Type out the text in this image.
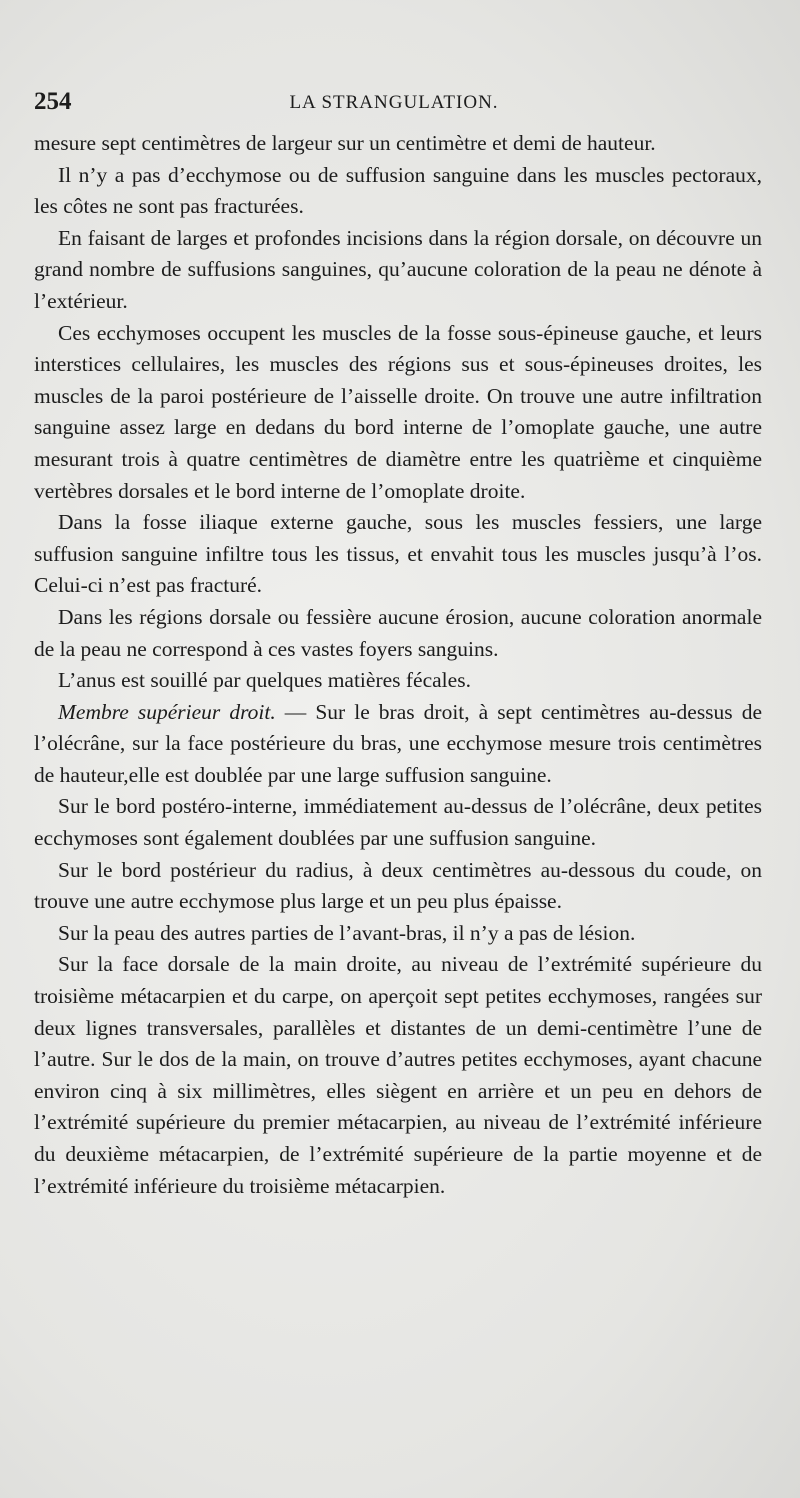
254	LA STRANGULATION.

mesure sept centimètres de largeur sur un centimètre et demi de hauteur.

Il n’y a pas d’ecchymose ou de suffusion sanguine dans les muscles pectoraux, les côtes ne sont pas fracturées.

En faisant de larges et profondes incisions dans la région dorsale, on découvre un grand nombre de suffusions sanguines, qu’aucune coloration de la peau ne dénote à l’extérieur.

Ces ecchymoses occupent les muscles de la fosse sous-épineuse gauche, et leurs interstices cellulaires, les muscles des régions sus et sous-épineuses droites, les muscles de la paroi postérieure de l’aisselle droite. On trouve une autre infiltration sanguine assez large en dedans du bord interne de l’omoplate gauche, une autre mesurant trois à quatre centimètres de diamètre entre les quatrième et cinquième vertèbres dorsales et le bord interne de l’omoplate droite.

Dans la fosse iliaque externe gauche, sous les muscles fessiers, une large suffusion sanguine infiltre tous les tissus, et envahit tous les muscles jusqu’à l’os. Celui-ci n’est pas fracturé.

Dans les régions dorsale ou fessière aucune érosion, aucune coloration anormale de la peau ne correspond à ces vastes foyers sanguins.

L’anus est souillé par quelques matières fécales.

Membre supérieur droit. — Sur le bras droit, à sept centimètres au-dessus de l’olécrâne, sur la face postérieure du bras, une ecchymose mesure trois centimètres de hauteur,elle est doublée par une large suffusion sanguine.

Sur le bord postéro-interne, immédiatement au-dessus de l’olécrâne, deux petites ecchymoses sont également doublées par une suffusion sanguine.

Sur le bord postérieur du radius, à deux centimètres au-dessous du coude, on trouve une autre ecchymose plus large et un peu plus épaisse.

Sur la peau des autres parties de l’avant-bras, il n’y a pas de lésion.

Sur la face dorsale de la main droite, au niveau de l’extrémité supérieure du troisième métacarpien et du carpe, on aperçoit sept petites ecchymoses, rangées sur deux lignes transversales, parallèles et distantes de un demi-centimètre l’une de l’autre. Sur le dos de la main, on trouve d’autres petites ecchymoses, ayant chacune environ cinq à six millimètres, elles siègent en arrière et un peu en dehors de l’extrémité supérieure du premier métacarpien, au niveau de l’extrémité inférieure du deuxième métacarpien, de l’extrémité supérieure de la partie moyenne et de l’extrémité inférieure du troisième métacarpien.
